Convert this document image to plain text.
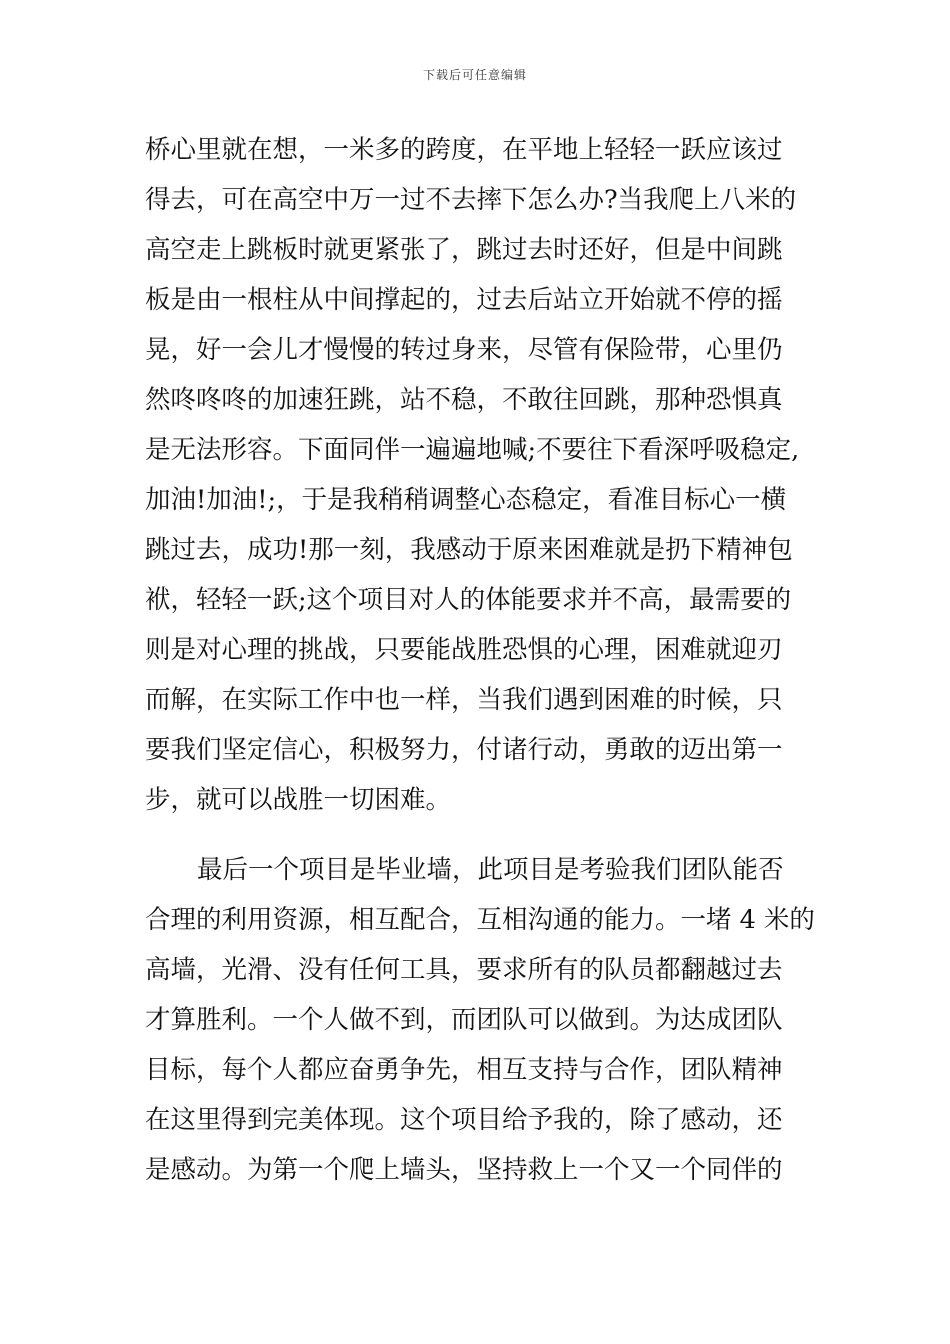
下载后可任意编辑
桥心里就在想，一米多的跨度，在平地上轻轻一跃应该过
得去，可在高空中万一过不去摔下怎么办?当我爬上八米的
高空走上跳板时就更紧张了，跳过去时还好，但是中间跳
板是由一根柱从中间撑起的，过去后站立开始就不停的摇
晃，好一会儿才慢慢的转过身来，尽管有保险带，心里仍
然咚咚咚的加速狂跳，站不稳，不敢往回跳，那种恐惧真
是无法形容。下面同伴一遍遍地喊;不要往下看深呼吸稳定,
加油!加油!;，于是我稍稍调整心态稳定，看准目标心一横
跳过去，成功!那一刻，我感动于原来困难就是扔下精神包
袱，轻轻一跃;这个项目对人的体能要求并不高，最需要的
则是对心理的挑战，只要能战胜恐惧的心理，困难就迎刃
而解，在实际工作中也一样，当我们遇到困难的时候，只
要我们坚定信心，积极努力，付诸行动，勇敢的迈出第一
步，就可以战胜一切困难。
最后一个项目是毕业墙，此项目是考验我们团队能否
合理的利用资源，相互配合，互相沟通的能力。一堵 4 米的
高墙，光滑、没有任何工具，要求所有的队员都翻越过去
才算胜利。一个人做不到，而团队可以做到。为达成团队
目标，每个人都应奋勇争先，相互支持与合作，团队精神
在这里得到完美体现。这个项目给予我的，除了感动，还
是感动。为第一个爬上墙头，坚持救上一个又一个同伴的
